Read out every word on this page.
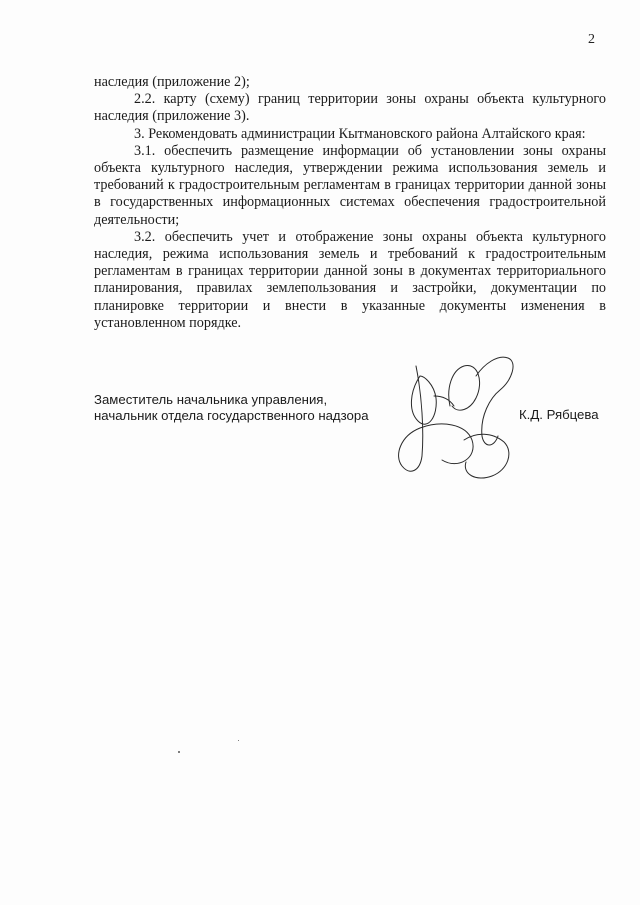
2

наследия (приложение 2);

2.2. карту (схему) границ территории зоны охраны объекта культурного наследия (приложение 3).

3. Рекомендовать администрации Кытмановского района Алтайского края:

3.1. обеспечить размещение информации об установлении зоны охраны объекта культурного наследия, утверждении режима использования земель и требований к градостроительным регламентам в границах территории данной зоны в государственных информационных системах обеспечения градостроительной деятельности;

3.2. обеспечить учет и отображение зоны охраны объекта культурного наследия, режима использования земель и требований к градостроительным регламентам в границах территории данной зоны в документах территориального планирования, правилах землепользования и застройки, документации по планировке территории и внести в указанные документы изменения в установленном порядке.

Заместитель начальника управления,

начальник отдела государственного надзора	К.Д. Рябцева
